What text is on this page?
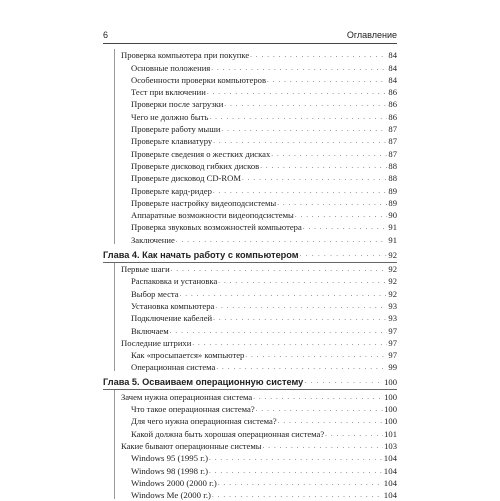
6	Оглавление
Проверка компьютера при покупке . . .	84
Основные положения . . .	84
Особенности проверки компьютеров . . .	84
Тест при включении . . .	86
Проверки после загрузки . . .	86
Чего не должно быть . . .	86
Проверьте работу мыши . . .	87
Проверьте клавиатуру . . .	87
Проверьте сведения о жестких дисках . . .	87
Проверьте дисковод гибких дисков . . .	88
Проверьте дисковод CD-ROM . . .	88
Проверьте кард-ридер . . .	89
Проверьте настройку видеоподсистемы . . .	89
Аппаратные возможности видеоподсистемы . . .	90
Проверка звуковых возможностей компьютера . . .	91
Заключение . . .	91
Глава 4. Как начать работу с компьютером . . .	92
Первые шаги . . .	92
Распаковка и установка . . .	92
Выбор места . . .	92
Установка компьютера . . .	93
Подключение кабелей . . .	93
Включаем . . .	97
Последние штрихи . . .	97
Как «просыпается» компьютер . . .	97
Операционная система . . .	99
Глава 5. Осваиваем операционную систему . . .	100
Зачем нужна операционная система . . .	100
Что такое операционная система? . . .	100
Для чего нужна операционная система? . . .	100
Какой должна быть хорошая операционная система? . . .	101
Какие бывают операционные системы . . .	103
Windows 95 (1995 г.) . . .	104
Windows 98 (1998 г.) . . .	104
Windows 2000 (2000 г.) . . .	104
Windows Me (2000 г.) . . .	104
